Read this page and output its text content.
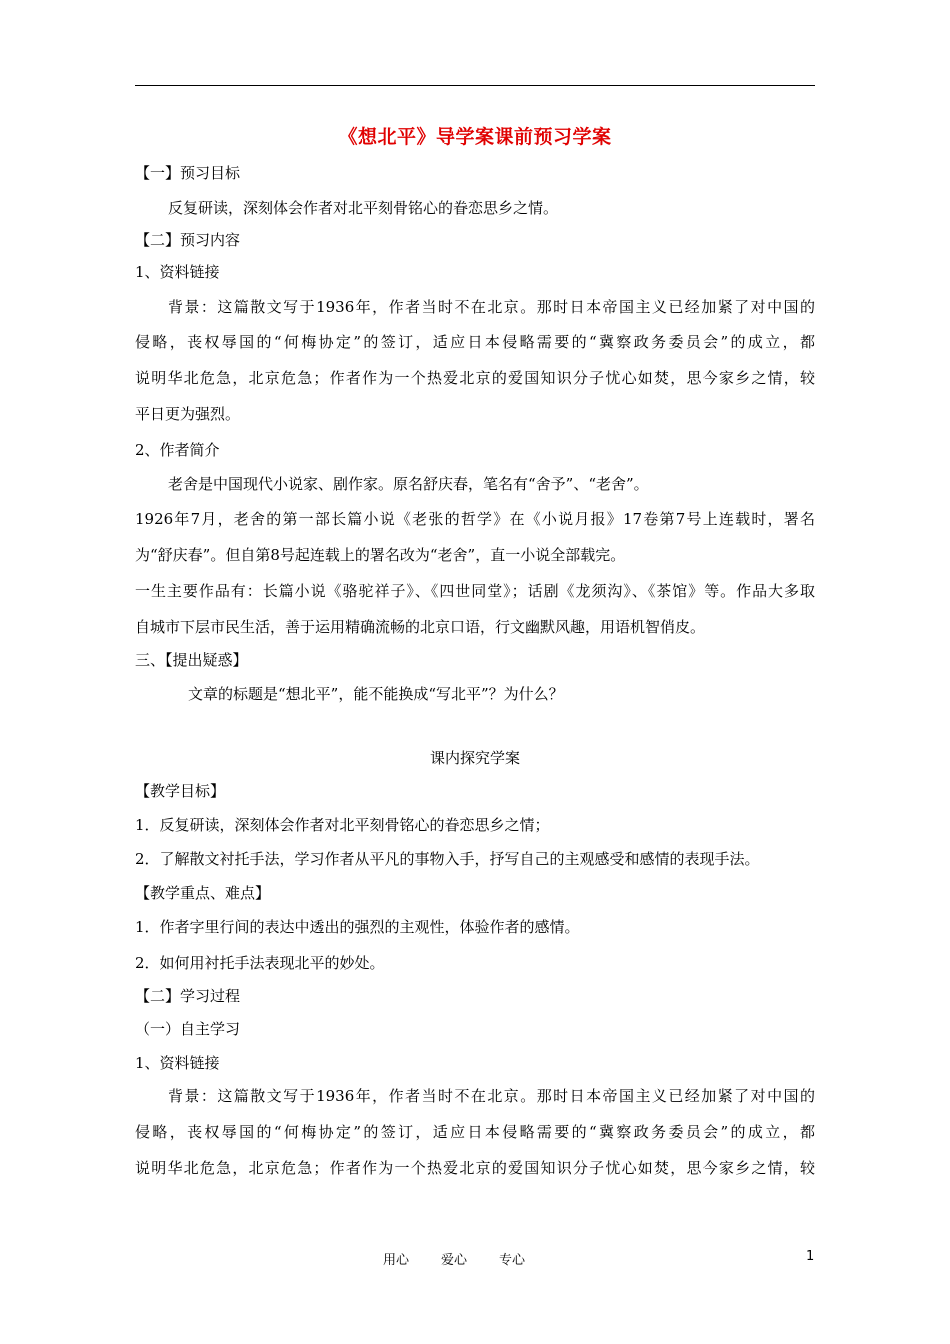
《想北平》导学案课前预习学案
【一】预习目标
反复研读，深刻体会作者对北平刻骨铭心的眷恋思乡之情。
【二】预习内容
1、资料链接
背景：这篇散文写于1936年，作者当时不在北京。那时日本帝国主义已经加紧了对中国的
侵略，丧权辱国的“何梅协定”的签订，适应日本侵略需要的“冀察政务委员会”的成立，都
说明华北危急，北京危急；作者作为一个热爱北京的爱国知识分子忧心如焚，思今家乡之情，较
平日更为强烈。
2、作者简介
老舍是中国现代小说家、剧作家。原名舒庆春，笔名有“舍予”、“老舍”。
1926年7月，老舍的第一部长篇小说《老张的哲学》在《小说月报》17卷第7号上连载时，署名
为“舒庆春”。但自第8号起连载上的署名改为“老舍”，直一小说全部载完。
一生主要作品有：长篇小说《骆驼祥子》、《四世同堂》；话剧《龙须沟》、《茶馆》等。作品大多取
自城市下层市民生活，善于运用精确流畅的北京口语，行文幽默风趣，用语机智俏皮。
三、【提出疑惑】
文章的标题是“想北平”，能不能换成“写北平”？为什么？
课内探究学案
【教学目标】
1．反复研读，深刻体会作者对北平刻骨铭心的眷恋思乡之情；
2．了解散文衬托手法，学习作者从平凡的事物入手，抒写自己的主观感受和感情的表现手法。
【教学重点、难点】
1．作者字里行间的表达中透出的强烈的主观性，体验作者的感情。
2．如何用衬托手法表现北平的妙处。
【二】学习过程
（一）自主学习
1、资料链接
背景：这篇散文写于1936年，作者当时不在北京。那时日本帝国主义已经加紧了对中国的
侵略，丧权辱国的“何梅协定”的签订，适应日本侵略需要的“冀察政务委员会”的成立，都
说明华北危急，北京危急；作者作为一个热爱北京的爱国知识分子忧心如焚，思今家乡之情，较
用心 爱心 专心	1
